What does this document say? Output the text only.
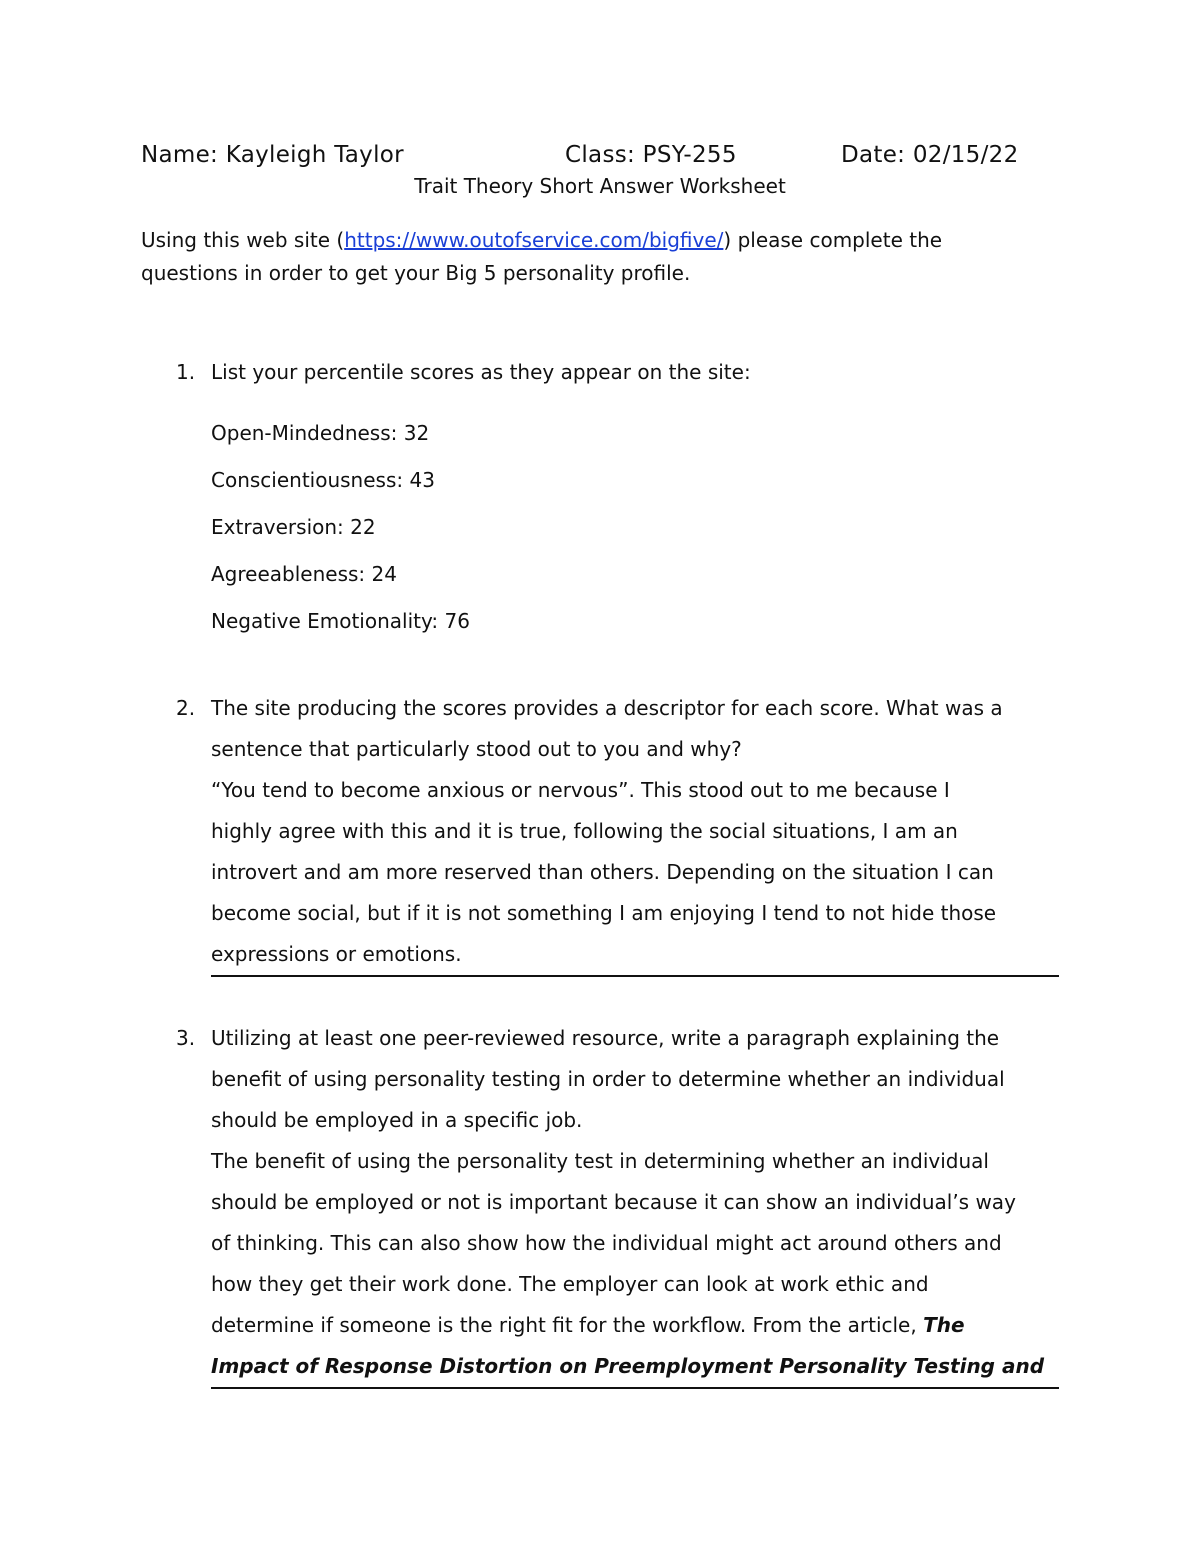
Name: Kayleigh Taylor	Class: PSY-255	Date: 02/15/22
Trait Theory Short Answer Worksheet
Using this web site (https://www.outofservice.com/bigfive/) please complete the questions in order to get your Big 5 personality profile.
1. List your percentile scores as they appear on the site:
Open-Mindedness: 32
Conscientiousness: 43
Extraversion: 22
Agreeableness: 24
Negative Emotionality: 76
2. The site producing the scores provides a descriptor for each score. What was a
sentence that particularly stood out to you and why?
“You tend to become anxious or nervous”. This stood out to me because I
highly agree with this and it is true, following the social situations, I am an
introvert and am more reserved than others. Depending on the situation I can
become social, but if it is not something I am enjoying I tend to not hide those
expressions or emotions.
3. Utilizing at least one peer-reviewed resource, write a paragraph explaining the
benefit of using personality testing in order to determine whether an individual
should be employed in a specific job.
The benefit of using the personality test in determining whether an individual
should be employed or not is important because it can show an individual’s way
of thinking. This can also show how the individual might act around others and
how they get their work done. The employer can look at work ethic and
determine if someone is the right fit for the workflow. From the article, The
Impact of Response Distortion on Preemployment Personality Testing and
